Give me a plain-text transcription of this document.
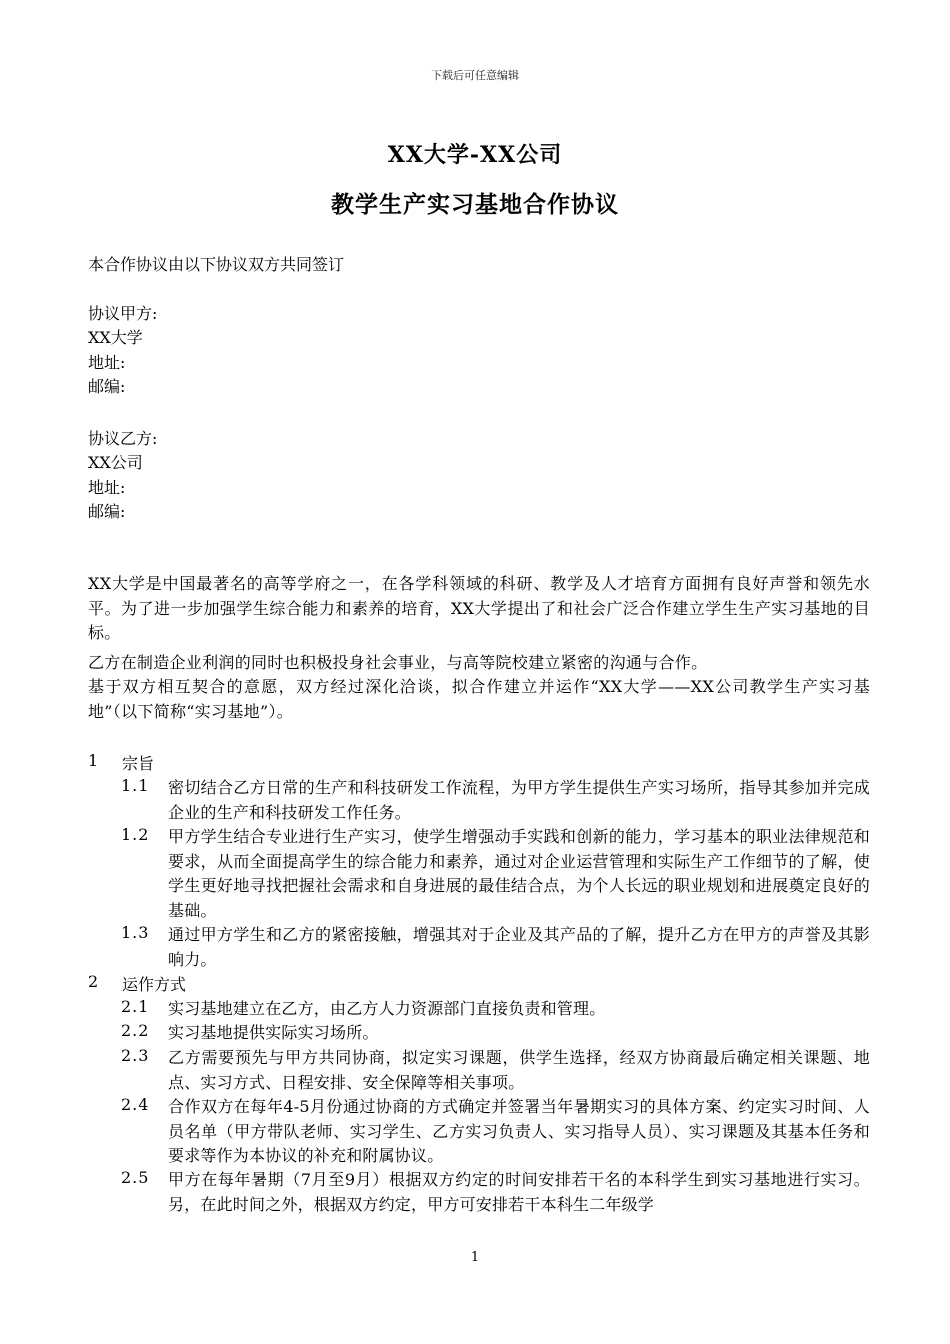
下载后可任意编辑
XX大学-XX公司
教学生产实习基地合作协议
本合作协议由以下协议双方共同签订
协议甲方:
XX大学
地址:
邮编:
协议乙方:
XX公司
地址:
邮编:
XX大学是中国最著名的高等学府之一，在各学科领域的科研、教学及人才培育方面拥有良好声誉和领先水平。为了进一步加强学生综合能力和素养的培育，XX大学提出了和社会广泛合作建立学生生产实习基地的目标。
乙方在制造企业利润的同时也积极投身社会事业，与高等院校建立紧密的沟通与合作。
基于双方相互契合的意愿，双方经过深化洽谈，拟合作建立并运作“XX大学——XX公司教学生产实习基地”（以下简称“实习基地”）。
1 宗旨
1.1 密切结合乙方日常的生产和科技研发工作流程，为甲方学生提供生产实习场所，指导其参加并完成企业的生产和科技研发工作任务。
1.2 甲方学生结合专业进行生产实习，使学生增强动手实践和创新的能力，学习基本的职业法律规范和要求，从而全面提高学生的综合能力和素养，通过对企业运营管理和实际生产工作细节的了解，使学生更好地寻找把握社会需求和自身进展的最佳结合点，为个人长远的职业规划和进展奠定良好的基础。
1.3 通过甲方学生和乙方的紧密接触，增强其对于企业及其产品的了解，提升乙方在甲方的声誉及其影响力。
2 运作方式
2.1 实习基地建立在乙方，由乙方人力资源部门直接负责和管理。
2.2 实习基地提供实际实习场所。
2.3 乙方需要预先与甲方共同协商，拟定实习课题，供学生选择，经双方协商最后确定相关课题、地点、实习方式、日程安排、安全保障等相关事项。
2.4 合作双方在每年4-5月份通过协商的方式确定并签署当年暑期实习的具体方案、约定实习时间、人员名单（甲方带队老师、实习学生、乙方实习负责人、实习指导人员）、实习课题及其基本任务和要求等作为本协议的补充和附属协议。
2.5 甲方在每年暑期（7月至9月）根据双方约定的时间安排若干名的本科学生到实习基地进行实习。另，在此时间之外，根据双方约定，甲方可安排若干本科生二年级学
1
